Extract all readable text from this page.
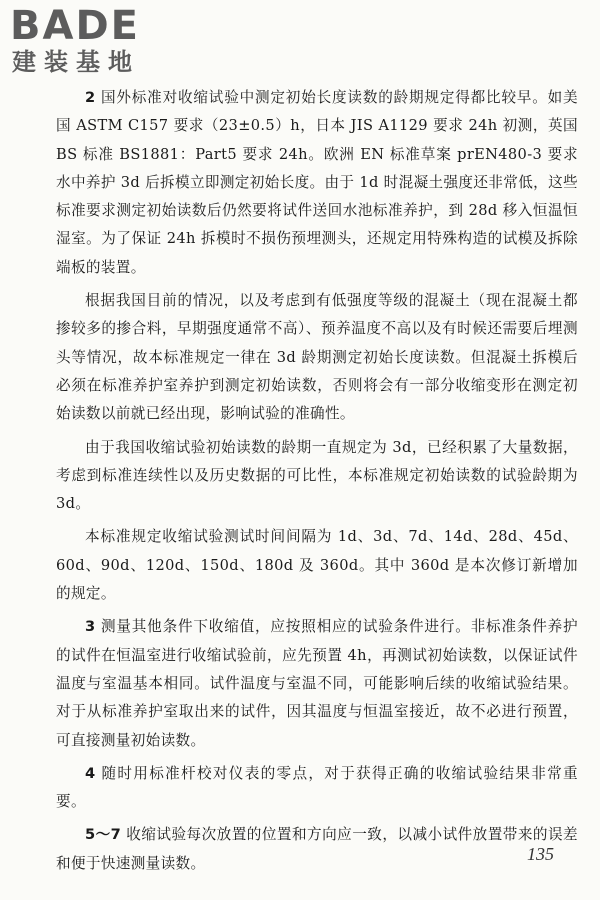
BADE
建装基地

2 国外标准对收缩试验中测定初始长度读数的龄期规定得都比较早。如美国 ASTM C157 要求（23±0.5）h，日本 JIS A1129 要求 24h 初测，英国 BS 标准 BS1881：Part5 要求 24h。欧洲 EN 标准草案 prEN480-3 要求水中养护 3d 后拆模立即测定初始长度。由于 1d 时混凝土强度还非常低，这些标准要求测定初始读数后仍然要将试件送回水池标准养护，到 28d 移入恒温恒湿室。为了保证 24h 拆模时不损伤预埋测头，还规定用特殊构造的试模及拆除端板的装置。

根据我国目前的情况，以及考虑到有低强度等级的混凝土（现在混凝土都掺较多的掺合料，早期强度通常不高）、预养温度不高以及有时候还需要后埋测头等情况，故本标准规定一律在 3d 龄期测定初始长度读数。但混凝土拆模后必须在标准养护室养护到测定初始读数，否则将会有一部分收缩变形在测定初始读数以前就已经出现，影响试验的准确性。

由于我国收缩试验初始读数的龄期一直规定为 3d，已经积累了大量数据，考虑到标准连续性以及历史数据的可比性，本标准规定初始读数的试验龄期为 3d。

本标准规定收缩试验测试时间间隔为 1d、3d、7d、14d、28d、45d、60d、90d、120d、150d、180d 及 360d。其中 360d 是本次修订新增加的规定。

3 测量其他条件下收缩值，应按照相应的试验条件进行。非标准条件养护的试件在恒温室进行收缩试验前，应先预置 4h，再测试初始读数，以保证试件温度与室温基本相同。试件温度与室温不同，可能影响后续的收缩试验结果。对于从标准养护室取出来的试件，因其温度与恒温室接近，故不必进行预置，可直接测量初始读数。

4 随时用标准杆校对仪表的零点，对于获得正确的收缩试验结果非常重要。

5～7 收缩试验每次放置的位置和方向应一致，以减小试件放置带来的误差和便于快速测量读数。	135
